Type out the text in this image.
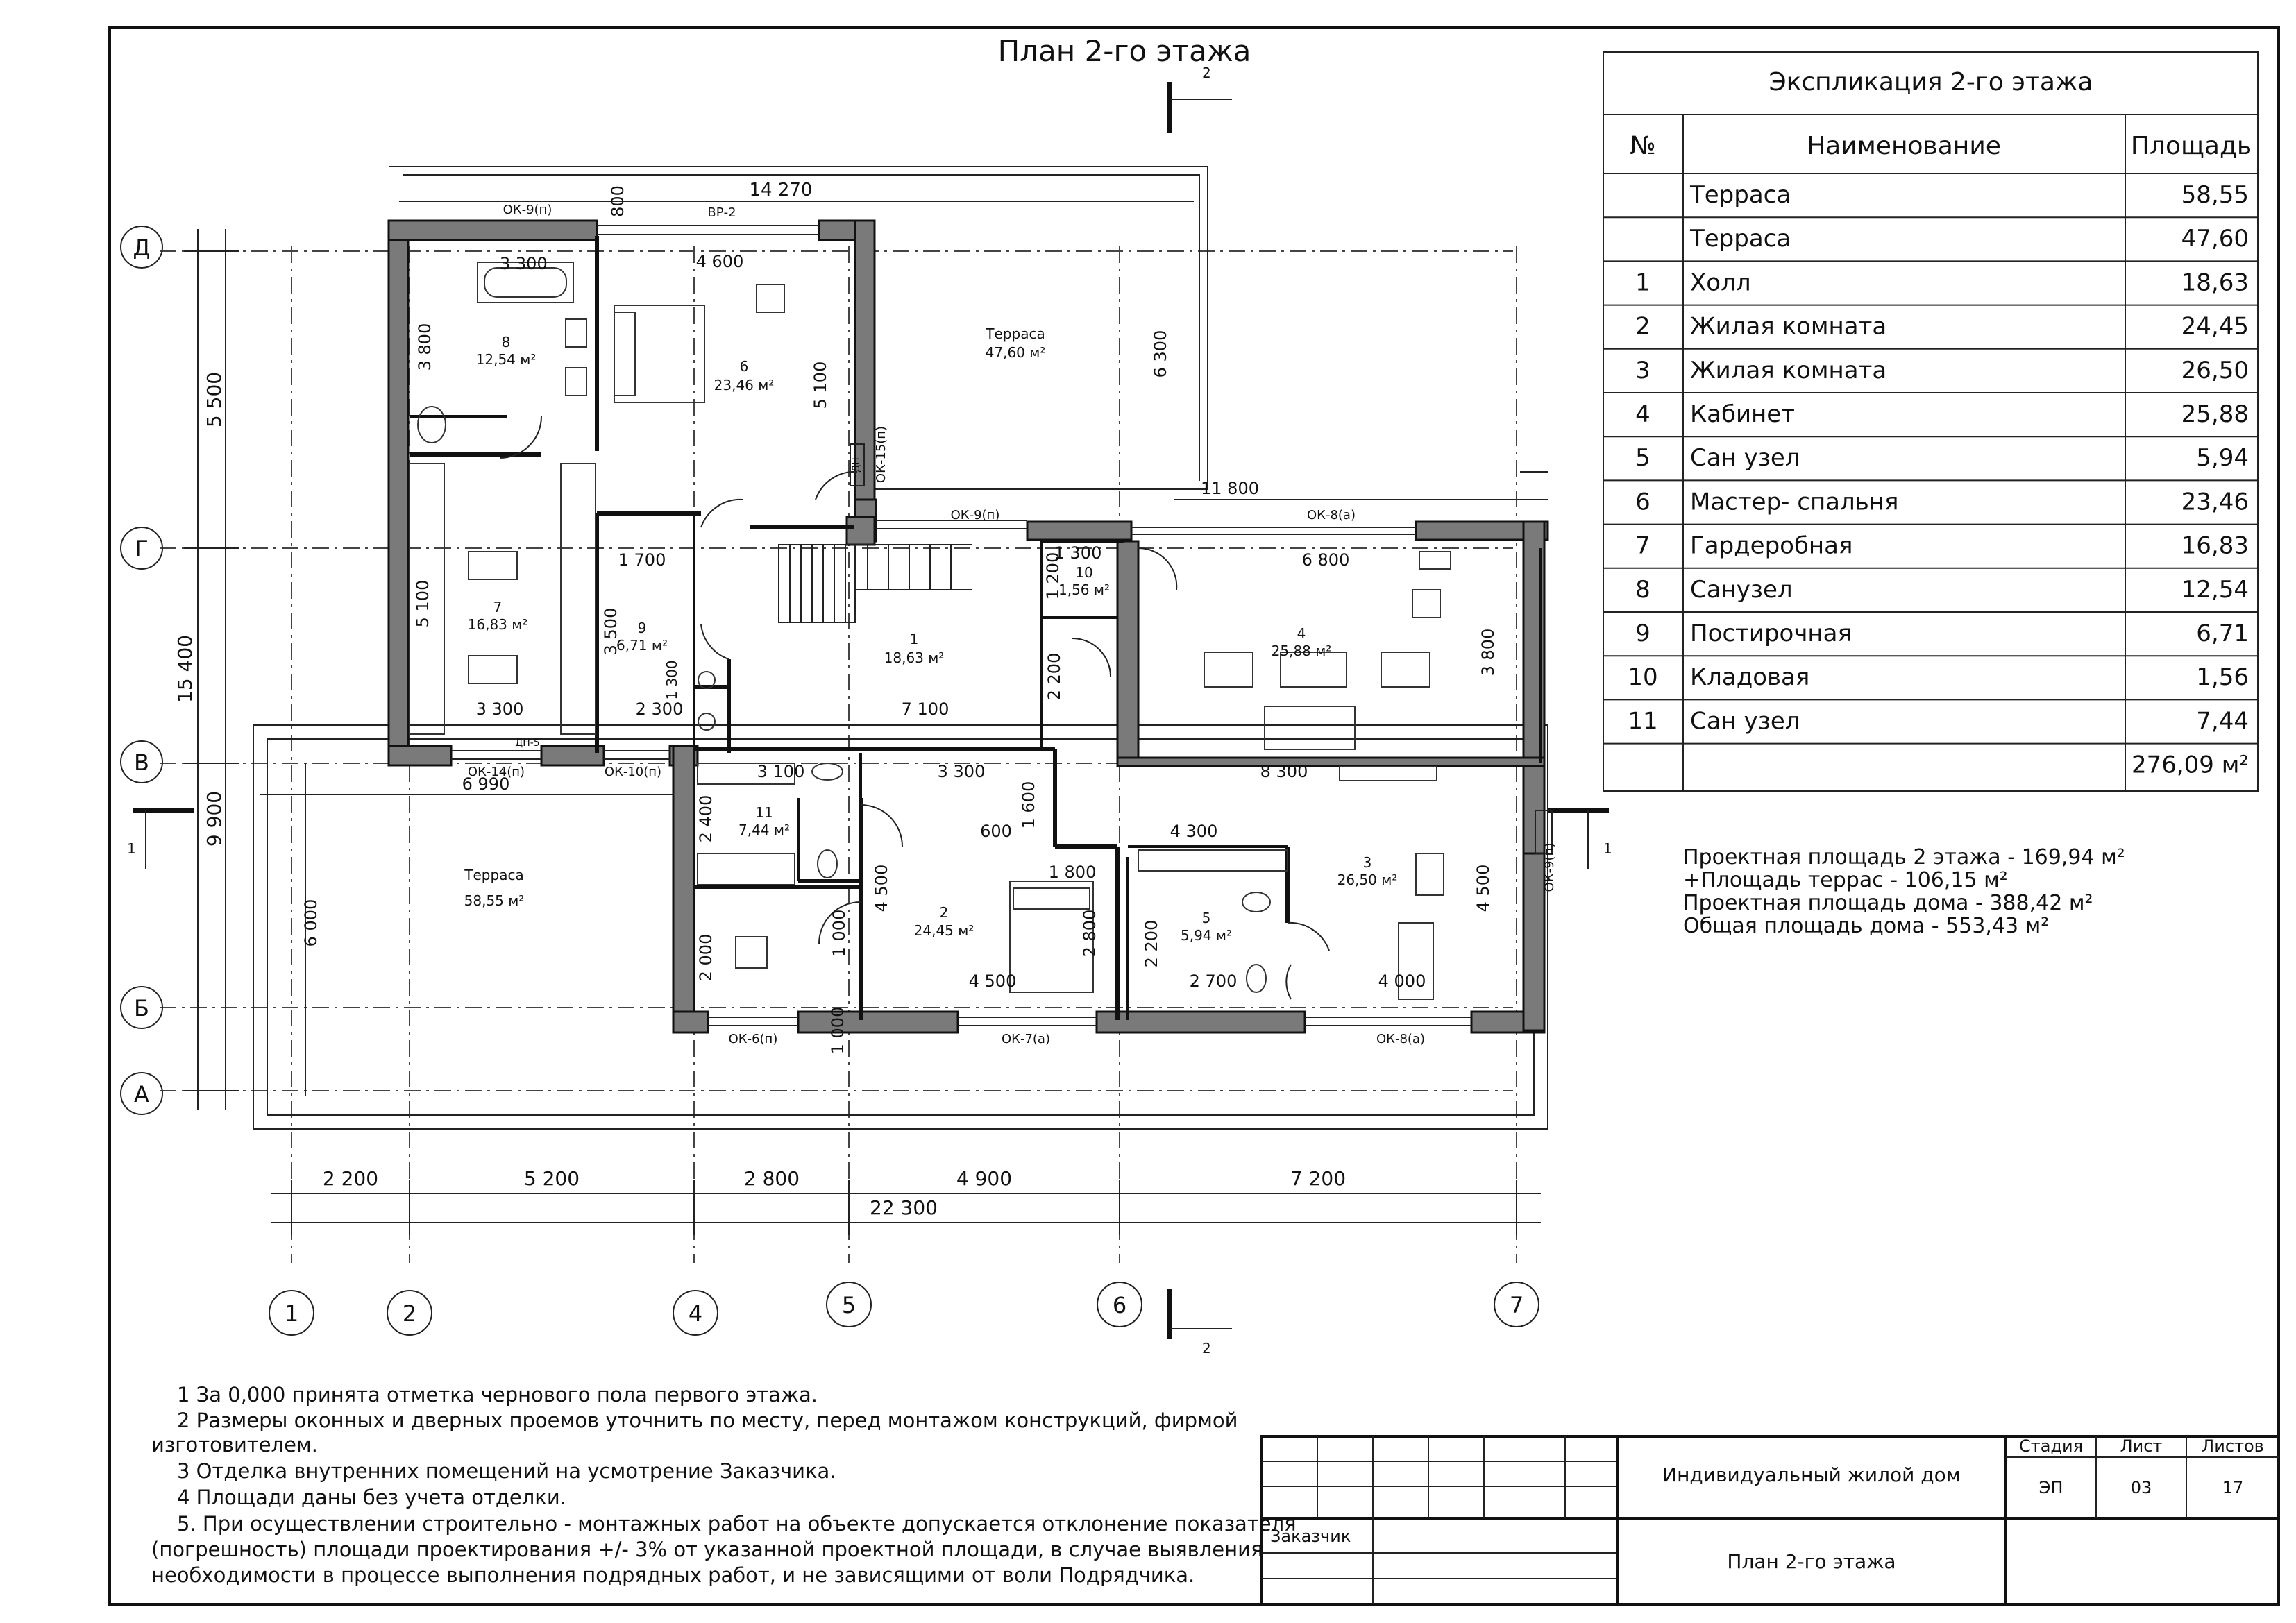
План 2-го этажа
2
2
1	1
Д
Г
В
Б
А
1	2	4	5	6	7
2 200	5 200	2 800	4 900	7 200
22 300
5 500
15 400
9 900
6 000
14 270
Терраса
47,60 м²	6 300
11 800
6 990
Терраса
58,55 м²
8
12,54 м²	6
23,46 м²
7
16,83 м²	9
6,71 м²	1
18,63 м²
10
1,56 м²
4
25,88 м²
11
7,44 м²
2
24,45 м²
3
26,50 м²
5
5,94 м²
3 300	4 600
3 800
5 100
1 700
5 100
3 500
1 300
1 200	6 800
3 800
2 200
3 300	2 300
1 300
7 100
3 100	3 300	8 300
1 600
2 400	600	4 300
4 500	1 800
1 000
2 000
2 800	2 200
4 500	2 700	4 000
4 500
1 000
800
ОК-9(п)	ВР-2
ОК-15(п)
ДН
ОК-9(п)	ОК-8(а)
ОК-14(п)	ОК-10(п)
ДН-5
ОК-9(п)
ОК-6(п)	ОК-7(а)	ОК-8(а)
Экспликация 2-го этажа
№	Наименование	Площадь
Терраса	58,55
Терраса	47,60
1 Холл	18,63
2 Жилая комната	24,45
3 Жилая комната	26,50
4 Кабинет	25,88
5 Сан узел	5,94
6 Мастер- спальня	23,46
7 Гардеробная	16,83
8 Санузел	12,54
9 Постирочная	6,71
10 Кладовая	1,56
11 Сан узел	7,44
276,09 м²
Проектная площадь 2 этажа - 169,94 м²
+Площадь террас - 106,15 м²
Проектная площадь дома - 388,42 м²
Общая площадь дома - 553,43 м²
1 За 0,000 принята отметка чернового пола первого этажа.
2 Размеры оконных и дверных проемов уточнить по месту, перед монтажом конструкций, фирмой
изготовителем.
3 Отделка внутренних помещений на усмотрение Заказчика.
4 Площади даны без учета отделки.
5. При осуществлении строительно - монтажных работ на объекте допускается отклонение показателя
(погрешность) площади проектирования +/- 3% от указанной проектной площади, в случае выявления
необходимости в процессе выполнения подрядных работ, и не зависящими от воли Подрядчика.
Заказчик
Индивидуальный жилой дом
План 2-го этажа
Стадия Лист Листов
ЭП	03	17
